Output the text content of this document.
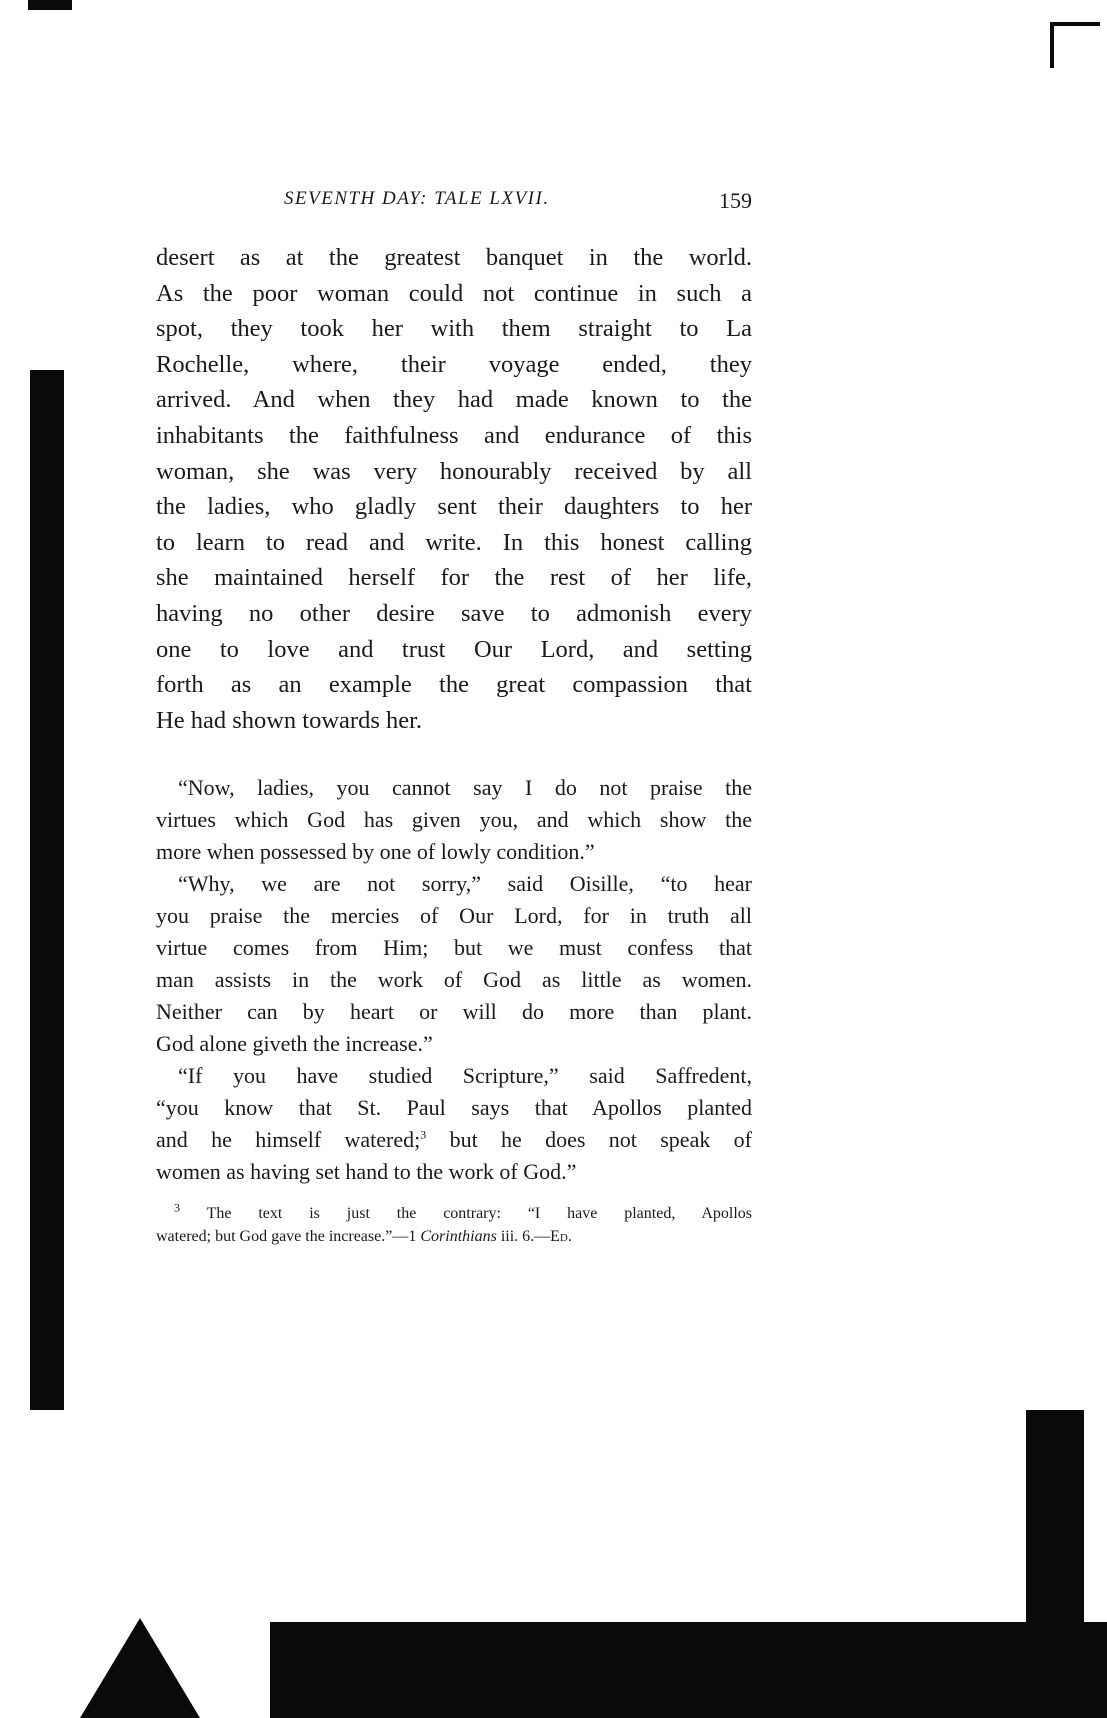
SEVENTH DAY: TALE LXVII.	159

desert as at the greatest banquet in the world.
As the poor woman could not continue in such a
spot, they took her with them straight to La
Rochelle, where, their voyage ended, they
arrived. And when they had made known to the
inhabitants the faithfulness and endurance of this
woman, she was very honourably received by all
the ladies, who gladly sent their daughters to her
to learn to read and write. In this honest calling
she maintained herself for the rest of her life,
having no other desire save to admonish every
one to love and trust Our Lord, and setting
forth as an example the great compassion that
He had shown towards her.

“Now, ladies, you cannot say I do not praise the
virtues which God has given you, and which show the
more when possessed by one of lowly condition.”

“Why, we are not sorry,” said Oisille, “to hear
you praise the mercies of Our Lord, for in truth all
virtue comes from Him; but we must confess that
man assists in the work of God as little as women.
Neither can by heart or will do more than plant.
God alone giveth the increase.”

“If you have studied Scripture,” said Saffredent,
“you know that St. Paul says that Apollos planted
and he himself watered;$^3$ but he does not speak of
women as having set hand to the work of God.”

$^3$ The text is just the contrary: “I have planted, Apollos
watered; but God gave the increase.”—1 Corinthians iii. 6.—Ed.
